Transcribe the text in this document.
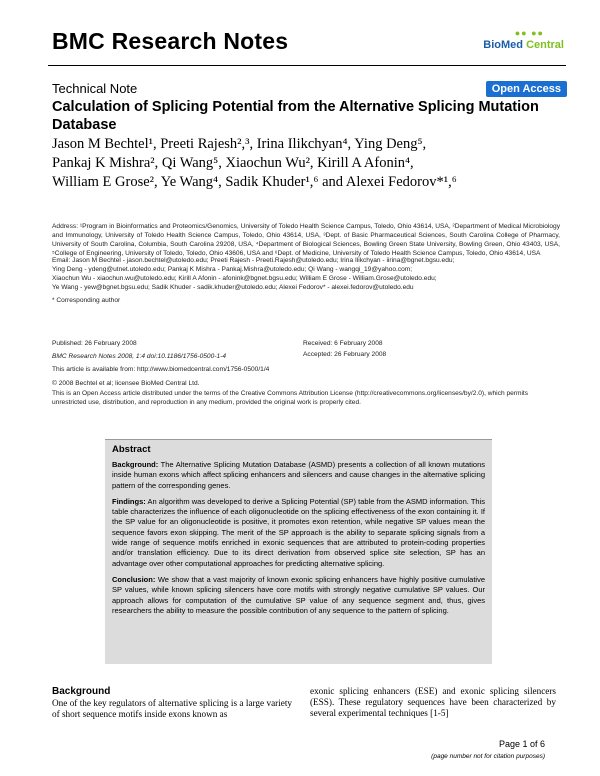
BMC Research Notes	●● ●●
BioMed Central
Technical Note	Open Access
Calculation of Splicing Potential from the Alternative Splicing Mutation Database
Jason M Bechtel¹, Preeti Rajesh²,³, Irina Ilikchyan⁴, Ying Deng⁵,
Pankaj K Mishra², Qi Wang⁵, Xiaochun Wu², Kirill A Afonin⁴,
William E Grose², Ye Wang⁴, Sadik Khuder¹,⁶ and Alexei Fedorov*¹,⁶
Address: ¹Program in Bioinformatics and Proteomics/Genomics, University of Toledo Health Science Campus, Toledo, Ohio 43614, USA, ²Department of Medical Microbiology and Immunology, University of Toledo Health Science Campus, Toledo, Ohio 43614, USA, ³Dept. of Basic Pharmaceutical Sciences, South Carolina College of Pharmacy, University of South Carolina, Columbia, South Carolina 29208, USA, ⁴Department of Biological Sciences, Bowling Green State University, Bowling Green, Ohio 43403, USA, ⁵College of Engineering, University of Toledo, Toledo, Ohio 43606, USA and ⁶Dept. of Medicine, University of Toledo Health Science Campus, Toledo, Ohio 43614, USA
Email: Jason M Bechtel - jason.bechtel@utoledo.edu; Preeti Rajesh - Preeti.Rajesh@utoledo.edu; Irina Ilikchyan - iirina@bgnet.bgsu.edu;
Ying Deng - ydeng@utnet.utoledo.edu; Pankaj K Mishra - Pankaj.Mishra@utoledo.edu; Qi Wang - wangqi_19@yahoo.com;
Xiaochun Wu - xiaochun.wu@utoledo.edu; Kirill A Afonin - afonink@bgnet.bgsu.edu; William E Grose - William.Grose@utoledo.edu;
Ye Wang - yew@bgnet.bgsu.edu; Sadik Khuder - sadik.khuder@utoledo.edu; Alexei Fedorov* - alexei.fedorov@utoledo.edu
* Corresponding author
Published: 26 February 2008
BMC Research Notes 2008, 1:4 doi:10.1186/1756-0500-1-4
Received: 6 February 2008
Accepted: 26 February 2008
This article is available from: http://www.biomedcentral.com/1756-0500/1/4
© 2008 Bechtel et al; licensee BioMed Central Ltd.
This is an Open Access article distributed under the terms of the Creative Commons Attribution License (http://creativecommons.org/licenses/by/2.0), which permits unrestricted use, distribution, and reproduction in any medium, provided the original work is properly cited.
Abstract

Background: The Alternative Splicing Mutation Database (ASMD) presents a collection of all known mutations inside human exons which affect splicing enhancers and silencers and cause changes in the alternative splicing pattern of the corresponding genes.

Findings: An algorithm was developed to derive a Splicing Potential (SP) table from the ASMD information. This table characterizes the influence of each oligonucleotide on the splicing effectiveness of the exon containing it. If the SP value for an oligonucleotide is positive, it promotes exon retention, while negative SP values mean the sequence favors exon skipping. The merit of the SP approach is the ability to separate splicing signals from a wide range of sequence motifs enriched in exonic sequences that are attributed to protein-coding properties and/or translation efficiency. Due to its direct derivation from observed splice site selection, SP has an advantage over other computational approaches for predicting alternative splicing.

Conclusion: We show that a vast majority of known exonic splicing enhancers have highly positive cumulative SP values, while known splicing silencers have core motifs with strongly negative cumulative SP values. Our approach allows for computation of the cumulative SP value of any sequence segment and, thus, gives researchers the ability to measure the possible contribution of any sequence to the pattern of splicing.

Background
One of the key regulators of alternative splicing is a large variety of short sequence motifs inside exons known as
exonic splicing enhancers (ESE) and exonic splicing silencers (ESS). These regulatory sequences have been characterized by several experimental techniques [1-5]
Page 1 of 6
(page number not for citation purposes)
